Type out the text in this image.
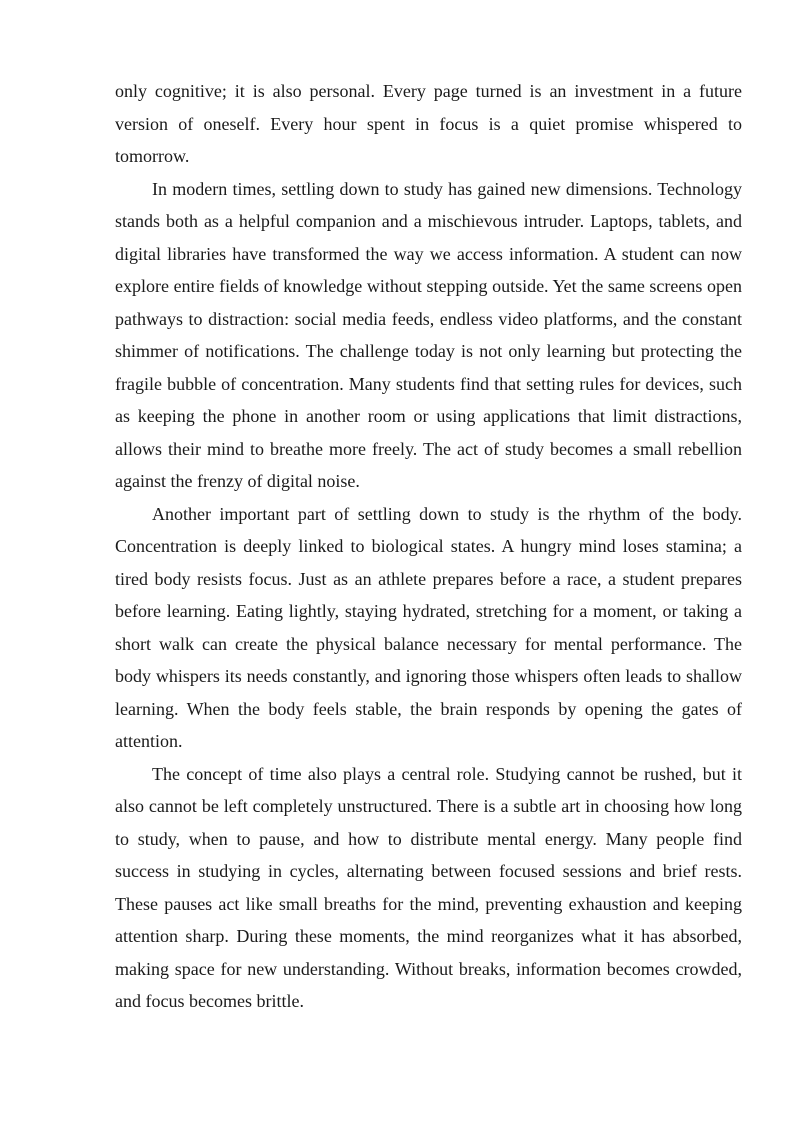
only cognitive; it is also personal. Every page turned is an investment in a future version of oneself. Every hour spent in focus is a quiet promise whispered to tomorrow.

In modern times, settling down to study has gained new dimensions. Technology stands both as a helpful companion and a mischievous intruder. Laptops, tablets, and digital libraries have transformed the way we access information. A student can now explore entire fields of knowledge without stepping outside. Yet the same screens open pathways to distraction: social media feeds, endless video platforms, and the constant shimmer of notifications. The challenge today is not only learning but protecting the fragile bubble of concentration. Many students find that setting rules for devices, such as keeping the phone in another room or using applications that limit distractions, allows their mind to breathe more freely. The act of study becomes a small rebellion against the frenzy of digital noise.

Another important part of settling down to study is the rhythm of the body. Concentration is deeply linked to biological states. A hungry mind loses stamina; a tired body resists focus. Just as an athlete prepares before a race, a student prepares before learning. Eating lightly, staying hydrated, stretching for a moment, or taking a short walk can create the physical balance necessary for mental performance. The body whispers its needs constantly, and ignoring those whispers often leads to shallow learning. When the body feels stable, the brain responds by opening the gates of attention.

The concept of time also plays a central role. Studying cannot be rushed, but it also cannot be left completely unstructured. There is a subtle art in choosing how long to study, when to pause, and how to distribute mental energy. Many people find success in studying in cycles, alternating between focused sessions and brief rests. These pauses act like small breaths for the mind, preventing exhaustion and keeping attention sharp. During these moments, the mind reorganizes what it has absorbed, making space for new understanding. Without breaks, information becomes crowded, and focus becomes brittle.
